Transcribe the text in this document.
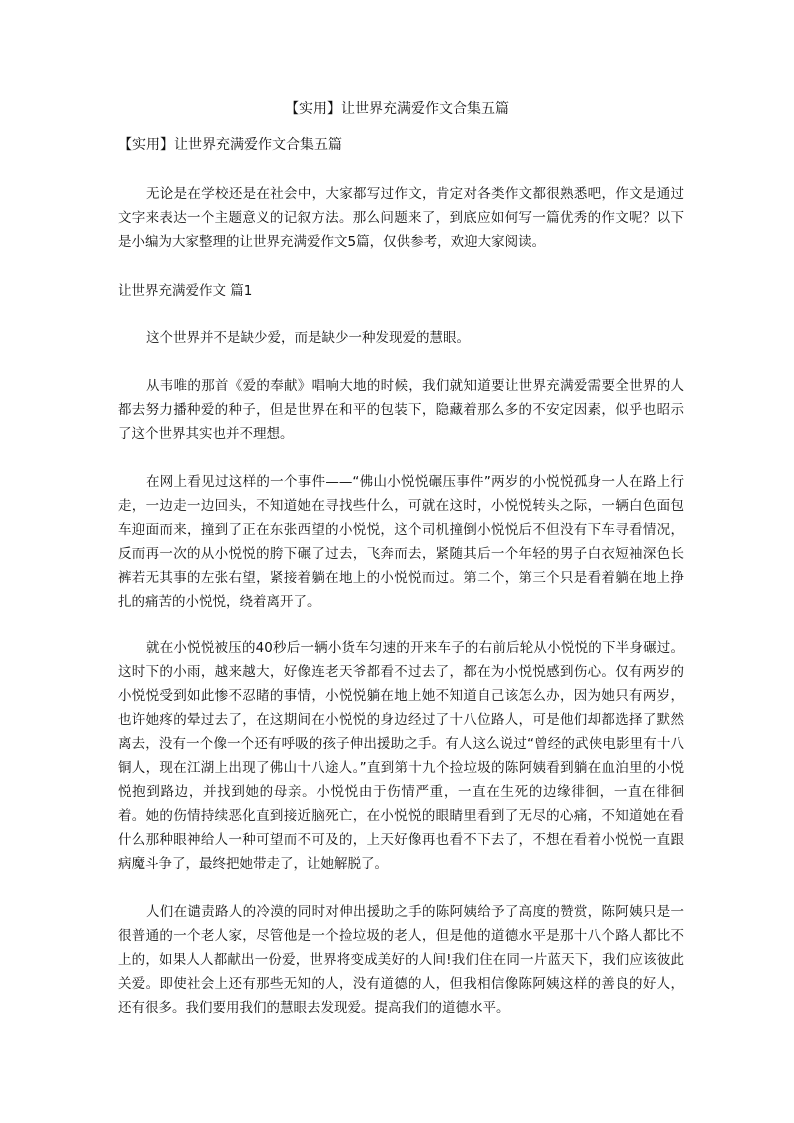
【实用】让世界充满爱作文合集五篇
【实用】让世界充满爱作文合集五篇

无论是在学校还是在社会中，大家都写过作文，肯定对各类作文都很熟悉吧，作文是通过文字来表达一个主题意义的记叙方法。那么问题来了，到底应如何写一篇优秀的作文呢？以下是小编为大家整理的让世界充满爱作文5篇，仅供参考，欢迎大家阅读。

让世界充满爱作文 篇1

这个世界并不是缺少爱，而是缺少一种发现爱的慧眼。

从韦唯的那首《爱的奉献》唱响大地的时候，我们就知道要让世界充满爱需要全世界的人都去努力播种爱的种子，但是世界在和平的包装下，隐藏着那么多的不安定因素，似乎也昭示了这个世界其实也并不理想。

在网上看见过这样的一个事件——“佛山小悦悦碾压事件”两岁的小悦悦孤身一人在路上行走，一边走一边回头，不知道她在寻找些什么，可就在这时，小悦悦转头之际，一辆白色面包车迎面而来，撞到了正在东张西望的小悦悦，这个司机撞倒小悦悦后不但没有下车寻看情况，反而再一次的从小悦悦的胯下碾了过去，飞奔而去，紧随其后一个年轻的男子白衣短袖深色长裤若无其事的左张右望，紧接着躺在地上的小悦悦而过。第二个，第三个只是看着躺在地上挣扎的痛苦的小悦悦，绕着离开了。

就在小悦悦被压的40秒后一辆小货车匀速的开来车子的右前后轮从小悦悦的下半身碾过。这时下的小雨，越来越大，好像连老天爷都看不过去了，都在为小悦悦感到伤心。仅有两岁的小悦悦受到如此惨不忍睹的事情，小悦悦躺在地上她不知道自己该怎么办，因为她只有两岁，也许她疼的晕过去了，在这期间在小悦悦的身边经过了十八位路人，可是他们却都选择了默然离去，没有一个像一个还有呼吸的孩子伸出援助之手。有人这么说过“曾经的武侠电影里有十八铜人，现在江湖上出现了佛山十八途人。”直到第十九个捡垃圾的陈阿姨看到躺在血泊里的小悦悦抱到路边，并找到她的母亲。小悦悦由于伤情严重，一直在生死的边缘徘徊，一直在徘徊着。她的伤情持续恶化直到接近脑死亡，在小悦悦的眼睛里看到了无尽的心痛，不知道她在看什么那种眼神给人一种可望而不可及的，上天好像再也看不下去了，不想在看着小悦悦一直跟病魔斗争了，最终把她带走了，让她解脱了。

人们在谴责路人的冷漠的同时对伸出援助之手的陈阿姨给予了高度的赞赏，陈阿姨只是一很普通的一个老人家，尽管他是一个捡垃圾的老人，但是他的道德水平是那十八个路人都比不上的，如果人人都献出一份爱，世界将变成美好的人间!我们住在同一片蓝天下，我们应该彼此关爱。即使社会上还有那些无知的人，没有道德的人，但我相信像陈阿姨这样的善良的好人，还有很多。我们要用我们的慧眼去发现爱。提高我们的道德水平。
